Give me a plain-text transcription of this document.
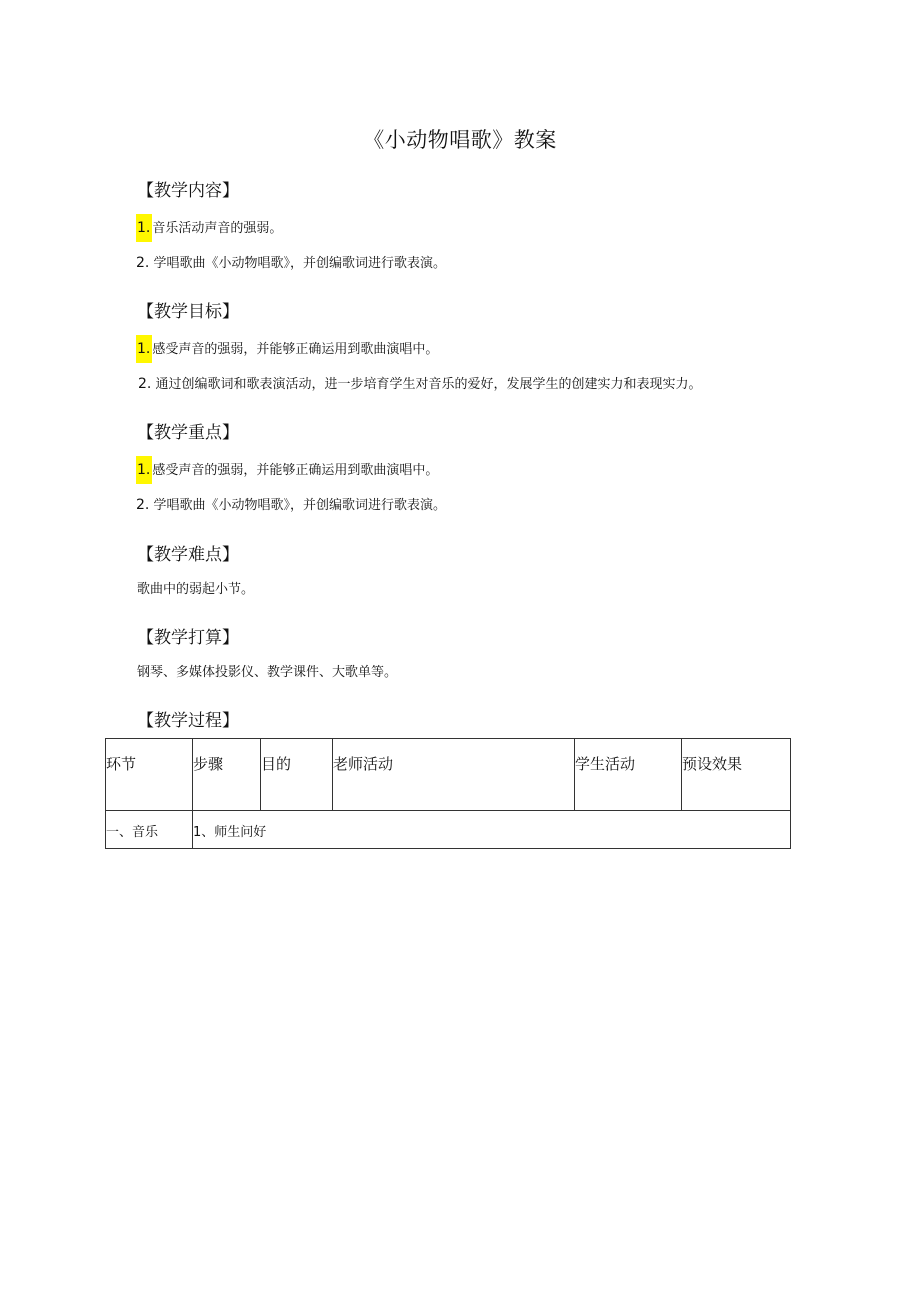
《小动物唱歌》教案
【教学内容】
1. 音乐活动声音的强弱。
2. 学唱歌曲《小动物唱歌》，并创编歌词进行歌表演。
【教学目标】
1. 感受声音的强弱，并能够正确运用到歌曲演唱中。
2. 通过创编歌词和歌表演活动，进一步培育学生对音乐的爱好，发展学生的创建实力和表现实力。
【教学重点】
1. 感受声音的强弱，并能够正确运用到歌曲演唱中。
2. 学唱歌曲《小动物唱歌》，并创编歌词进行歌表演。
【教学难点】
歌曲中的弱起小节。
【教学打算】
钢琴、多媒体投影仪、教学课件、大歌单等。
【教学过程】
环节	步骤	目的	老师活动	学生活动	预设效果
一、音乐	1、师生问好				
